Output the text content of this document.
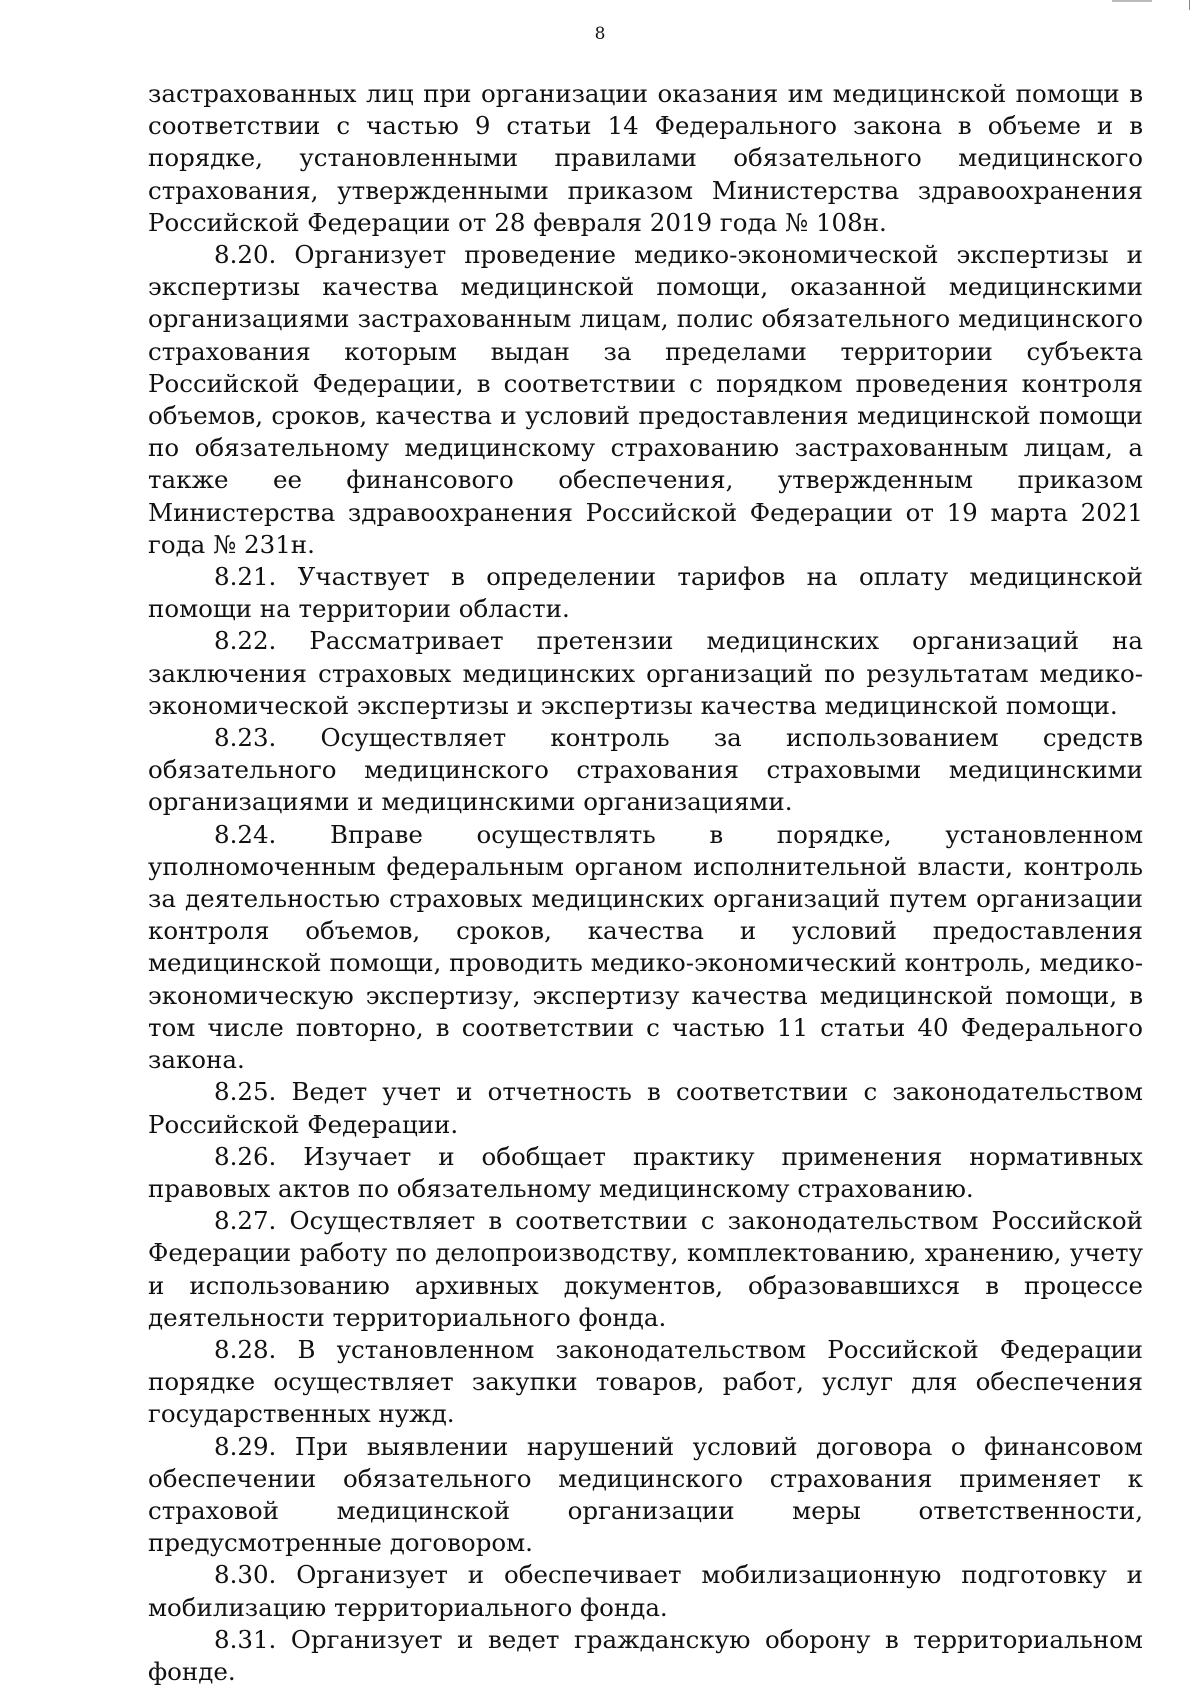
8

застрахованных лиц при организации оказания им медицинской помощи в соответствии с частью 9 статьи 14 Федерального закона в объеме и в порядке, установленными правилами обязательного медицинского страхования, утвержденными приказом Министерства здравоохранения Российской Федерации от 28 февраля 2019 года № 108н.

8.20. Организует проведение медико-экономической экспертизы и экспертизы качества медицинской помощи, оказанной медицинскими организациями застрахованным лицам, полис обязательного медицинского страхования которым выдан за пределами территории субъекта Российской Федерации, в соответствии с порядком проведения контроля объемов, сроков, качества и условий предоставления медицинской помощи по обязательному медицинскому страхованию застрахованным лицам, а также ее финансового обеспечения, утвержденным приказом Министерства здравоохранения Российской Федерации от 19 марта 2021 года № 231н.

8.21. Участвует в определении тарифов на оплату медицинской помощи на территории области.

8.22. Рассматривает претензии медицинских организаций на заключения страховых медицинских организаций по результатам медико-экономической экспертизы и экспертизы качества медицинской помощи.

8.23. Осуществляет контроль за использованием средств обязательного медицинского страхования страховыми медицинскими организациями и медицинскими организациями.

8.24. Вправе осуществлять в порядке, установленном уполномоченным федеральным органом исполнительной власти, контроль за деятельностью страховых медицинских организаций путем организации контроля объемов, сроков, качества и условий предоставления медицинской помощи, проводить медико-экономический контроль, медико-экономическую экспертизу, экспертизу качества медицинской помощи, в том числе повторно, в соответствии с частью 11 статьи 40 Федерального закона.

8.25. Ведет учет и отчетность в соответствии с законодательством Российской Федерации.

8.26. Изучает и обобщает практику применения нормативных правовых актов по обязательному медицинскому страхованию.

8.27. Осуществляет в соответствии с законодательством Российской Федерации работу по делопроизводству, комплектованию, хранению, учету и использованию архивных документов, образовавшихся в процессе деятельности территориального фонда.

8.28. В установленном законодательством Российской Федерации порядке осуществляет закупки товаров, работ, услуг для обеспечения государственных нужд.

8.29. При выявлении нарушений условий договора о финансовом обеспечении обязательного медицинского страхования применяет к страховой медицинской организации меры ответственности, предусмотренные договором.

8.30. Организует и обеспечивает мобилизационную подготовку и мобилизацию территориального фонда.

8.31. Организует и ведет гражданскую оборону в территориальном фонде.
